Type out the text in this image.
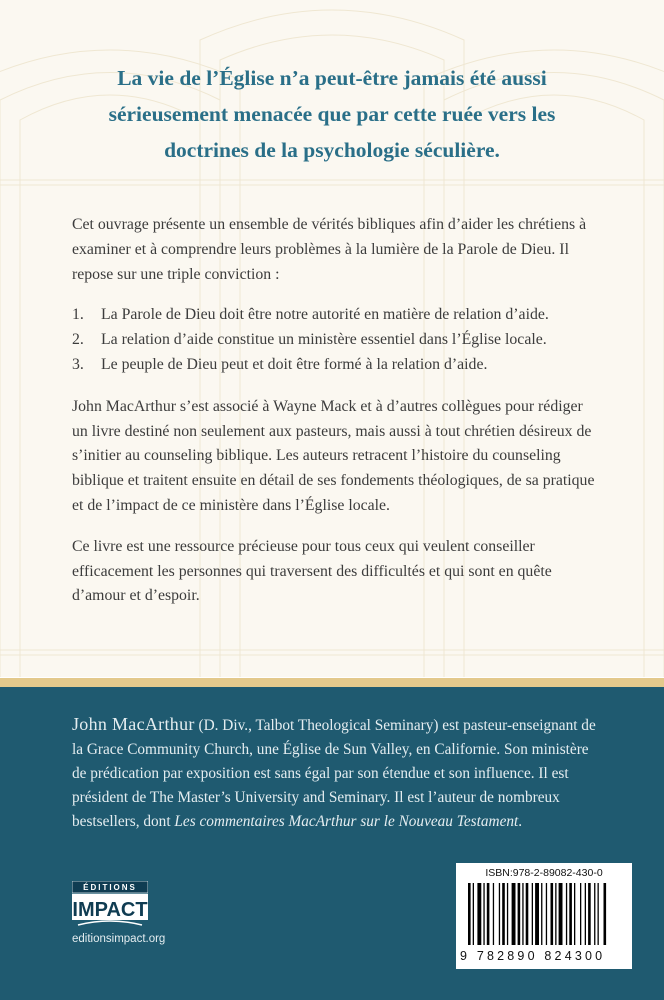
La vie de l’Église n’a peut-être jamais été aussi
sérieusement menacée que par cette ruée vers les
doctrines de la psychologie séculière.

Cet ouvrage présente un ensemble de vérités bibliques afin d’aider les chrétiens à examiner et à comprendre leurs problèmes à la lumière de la Parole de Dieu. Il repose sur une triple conviction :

1.	La Parole de Dieu doit être notre autorité en matière de relation d’aide.
2.	La relation d’aide constitue un ministère essentiel dans l’Église locale.
3.	Le peuple de Dieu peut et doit être formé à la relation d’aide.

John MacArthur s’est associé à Wayne Mack et à d’autres collègues pour rédiger un livre destiné non seulement aux pasteurs, mais aussi à tout chrétien désireux de s’initier au counseling biblique. Les auteurs retracent l’histoire du counseling biblique et traitent ensuite en détail de ses fondements théologiques, de sa pratique et de l’impact de ce ministère dans l’Église locale.

Ce livre est une ressource précieuse pour tous ceux qui veulent conseiller efficacement les personnes qui traversent des difficultés et qui sont en quête d’amour et d’espoir.

John MacArthur (D. Div., Talbot Theological Seminary) est pasteur-enseignant de la Grace Community Church, une Église de Sun Valley, en Californie. Son ministère de prédication par exposition est sans égal par son étendue et son influence. Il est président de The Master’s University and Seminary. Il est l’auteur de nombreux bestsellers, dont Les commentaires MacArthur sur le Nouveau Testament.
ÉDITIONS
IMPACT
editionsimpact.org
ISBN:978-2-89082-430-0
9 782890 824300
